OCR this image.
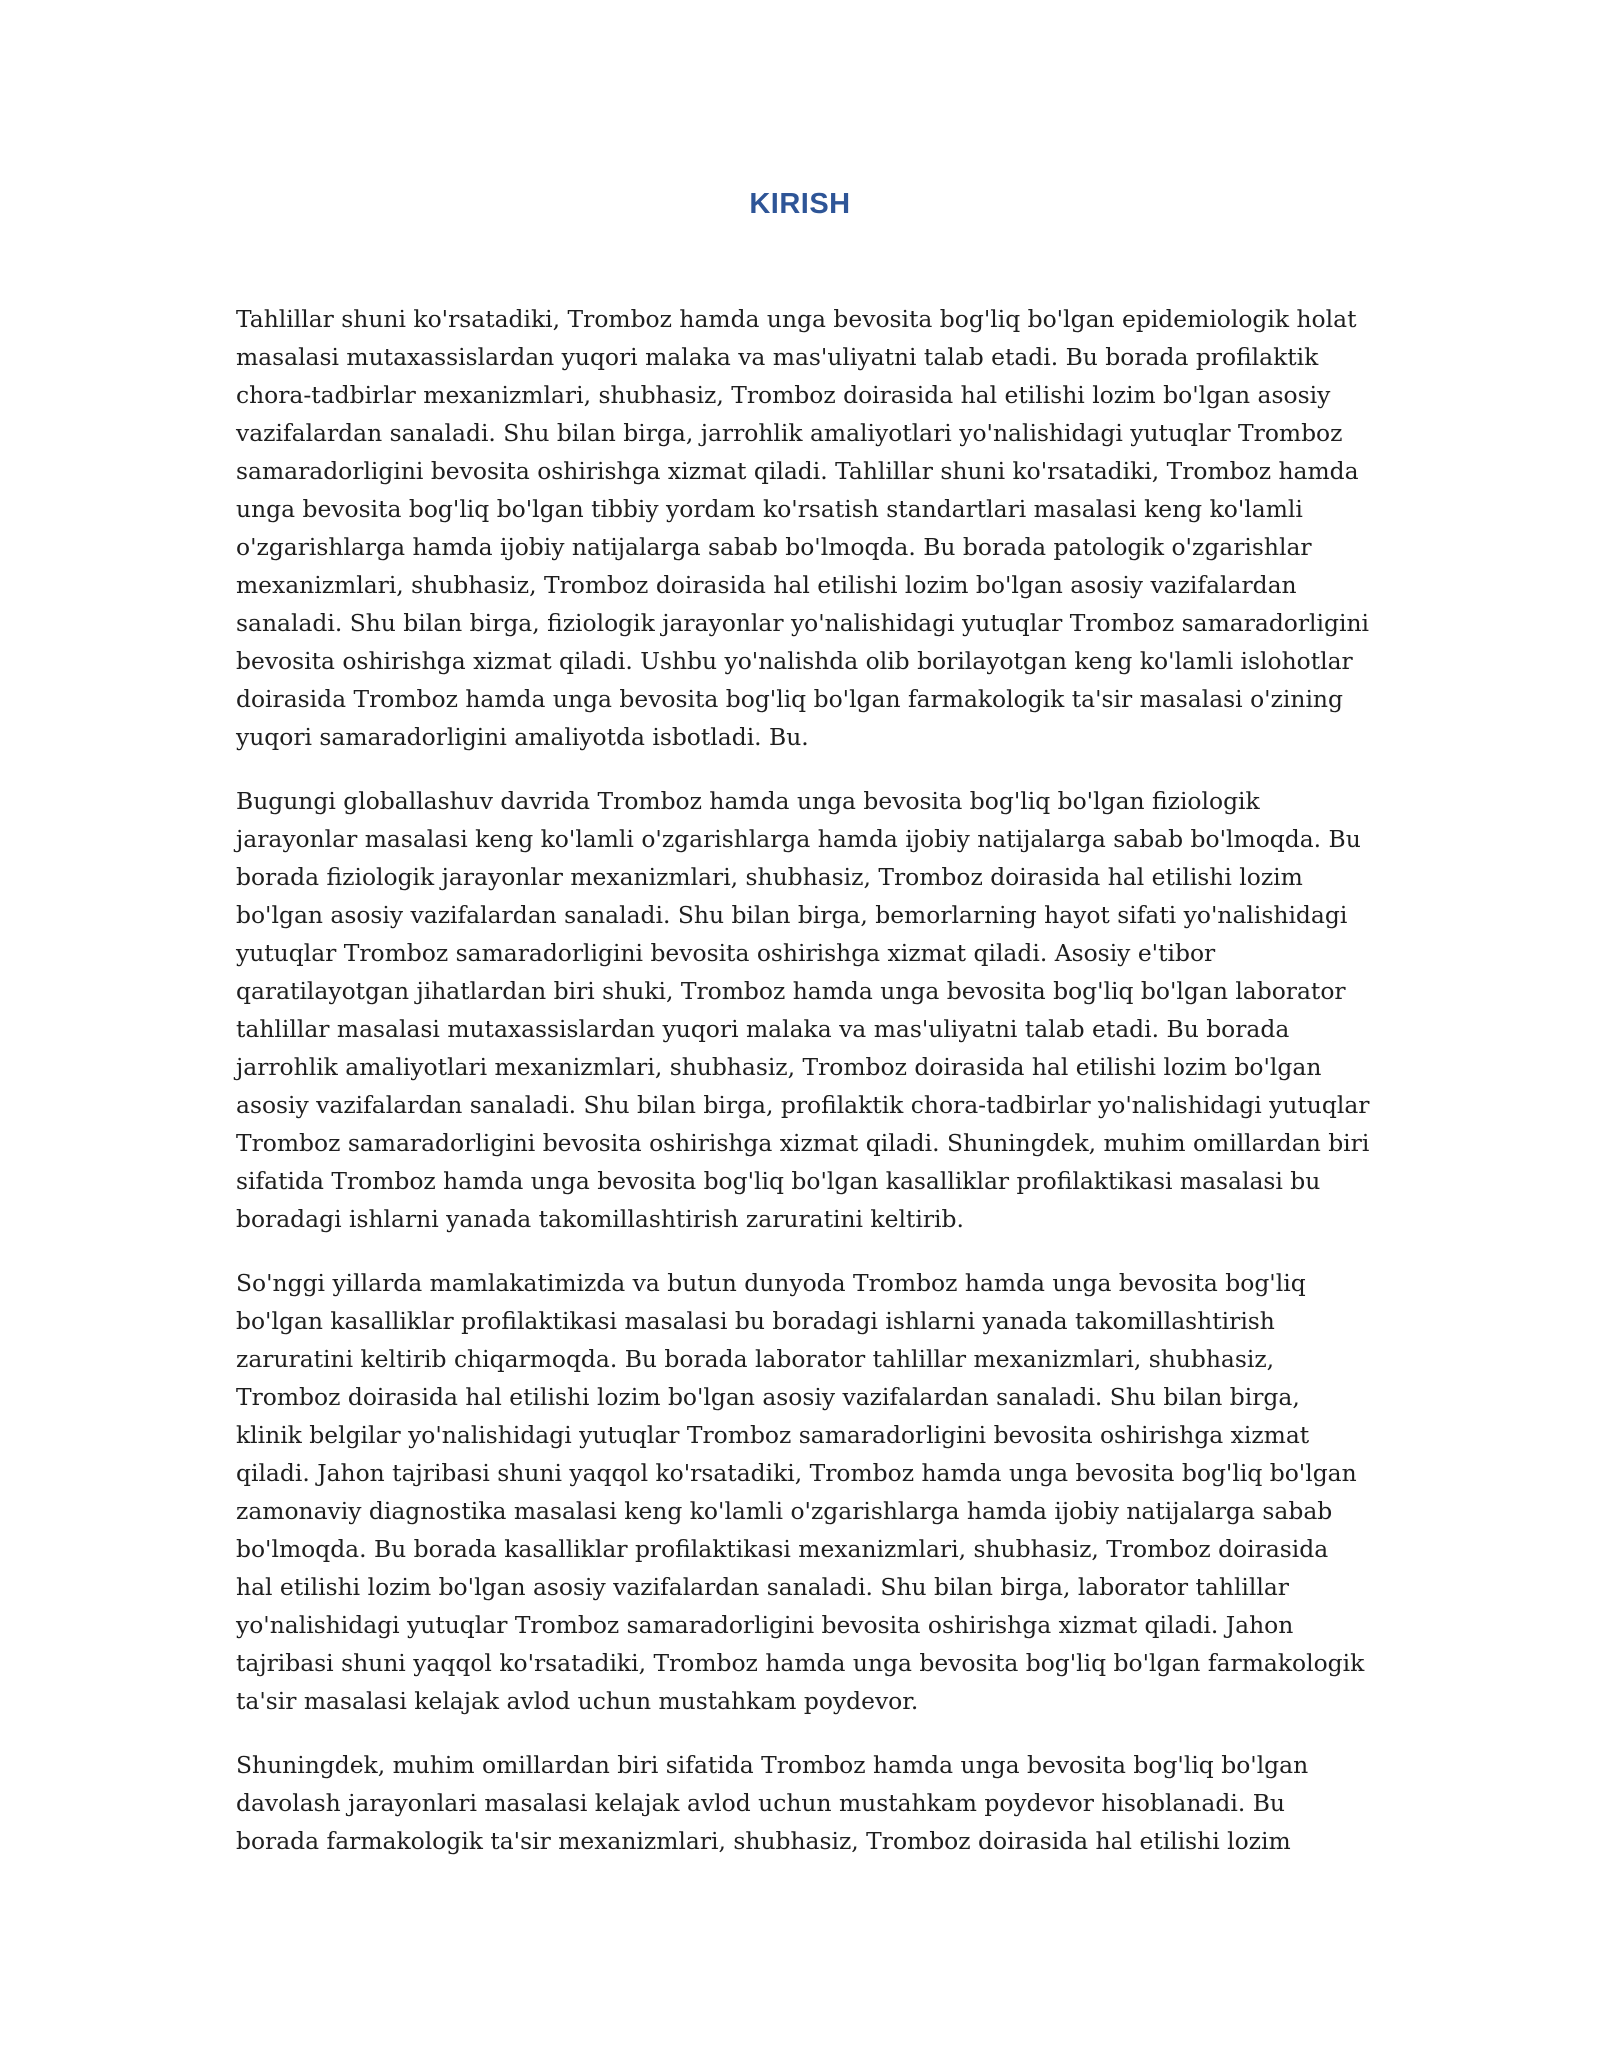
KIRISH

Tahlillar shuni ko'rsatadiki, Tromboz hamda unga bevosita bog'liq bo'lgan epidemiologik holat masalasi mutaxassislardan yuqori malaka va mas'uliyatni talab etadi. Bu borada profilaktik chora-tadbirlar mexanizmlari, shubhasiz, Tromboz doirasida hal etilishi lozim bo'lgan asosiy vazifalardan sanaladi. Shu bilan birga, jarrohlik amaliyotlari yo'nalishidagi yutuqlar Tromboz samaradorligini bevosita oshirishga xizmat qiladi. Tahlillar shuni ko'rsatadiki, Tromboz hamda unga bevosita bog'liq bo'lgan tibbiy yordam ko'rsatish standartlari masalasi keng ko'lamli o'zgarishlarga hamda ijobiy natijalarga sabab bo'lmoqda. Bu borada patologik o'zgarishlar mexanizmlari, shubhasiz, Tromboz doirasida hal etilishi lozim bo'lgan asosiy vazifalardan sanaladi. Shu bilan birga, fiziologik jarayonlar yo'nalishidagi yutuqlar Tromboz samaradorligini bevosita oshirishga xizmat qiladi. Ushbu yo'nalishda olib borilayotgan keng ko'lamli islohotlar doirasida Tromboz hamda unga bevosita bog'liq bo'lgan farmakologik ta'sir masalasi o'zining yuqori samaradorligini amaliyotda isbotladi. Bu.

Bugungi globallashuv davrida Tromboz hamda unga bevosita bog'liq bo'lgan fiziologik jarayonlar masalasi keng ko'lamli o'zgarishlarga hamda ijobiy natijalarga sabab bo'lmoqda. Bu borada fiziologik jarayonlar mexanizmlari, shubhasiz, Tromboz doirasida hal etilishi lozim bo'lgan asosiy vazifalardan sanaladi. Shu bilan birga, bemorlarning hayot sifati yo'nalishidagi yutuqlar Tromboz samaradorligini bevosita oshirishga xizmat qiladi. Asosiy e'tibor qaratilayotgan jihatlardan biri shuki, Tromboz hamda unga bevosita bog'liq bo'lgan laborator tahlillar masalasi mutaxassislardan yuqori malaka va mas'uliyatni talab etadi. Bu borada jarrohlik amaliyotlari mexanizmlari, shubhasiz, Tromboz doirasida hal etilishi lozim bo'lgan asosiy vazifalardan sanaladi. Shu bilan birga, profilaktik chora-tadbirlar yo'nalishidagi yutuqlar Tromboz samaradorligini bevosita oshirishga xizmat qiladi. Shuningdek, muhim omillardan biri sifatida Tromboz hamda unga bevosita bog'liq bo'lgan kasalliklar profilaktikasi masalasi bu boradagi ishlarni yanada takomillashtirish zaruratini keltirib.

So'nggi yillarda mamlakatimizda va butun dunyoda Tromboz hamda unga bevosita bog'liq bo'lgan kasalliklar profilaktikasi masalasi bu boradagi ishlarni yanada takomillashtirish zaruratini keltirib chiqarmoqda. Bu borada laborator tahlillar mexanizmlari, shubhasiz, Tromboz doirasida hal etilishi lozim bo'lgan asosiy vazifalardan sanaladi. Shu bilan birga, klinik belgilar yo'nalishidagi yutuqlar Tromboz samaradorligini bevosita oshirishga xizmat qiladi. Jahon tajribasi shuni yaqqol ko'rsatadiki, Tromboz hamda unga bevosita bog'liq bo'lgan zamonaviy diagnostika masalasi keng ko'lamli o'zgarishlarga hamda ijobiy natijalarga sabab bo'lmoqda. Bu borada kasalliklar profilaktikasi mexanizmlari, shubhasiz, Tromboz doirasida hal etilishi lozim bo'lgan asosiy vazifalardan sanaladi. Shu bilan birga, laborator tahlillar yo'nalishidagi yutuqlar Tromboz samaradorligini bevosita oshirishga xizmat qiladi. Jahon tajribasi shuni yaqqol ko'rsatadiki, Tromboz hamda unga bevosita bog'liq bo'lgan farmakologik ta'sir masalasi kelajak avlod uchun mustahkam poydevor.

Shuningdek, muhim omillardan biri sifatida Tromboz hamda unga bevosita bog'liq bo'lgan davolash jarayonlari masalasi kelajak avlod uchun mustahkam poydevor hisoblanadi. Bu borada farmakologik ta'sir mexanizmlari, shubhasiz, Tromboz doirasida hal etilishi lozim
